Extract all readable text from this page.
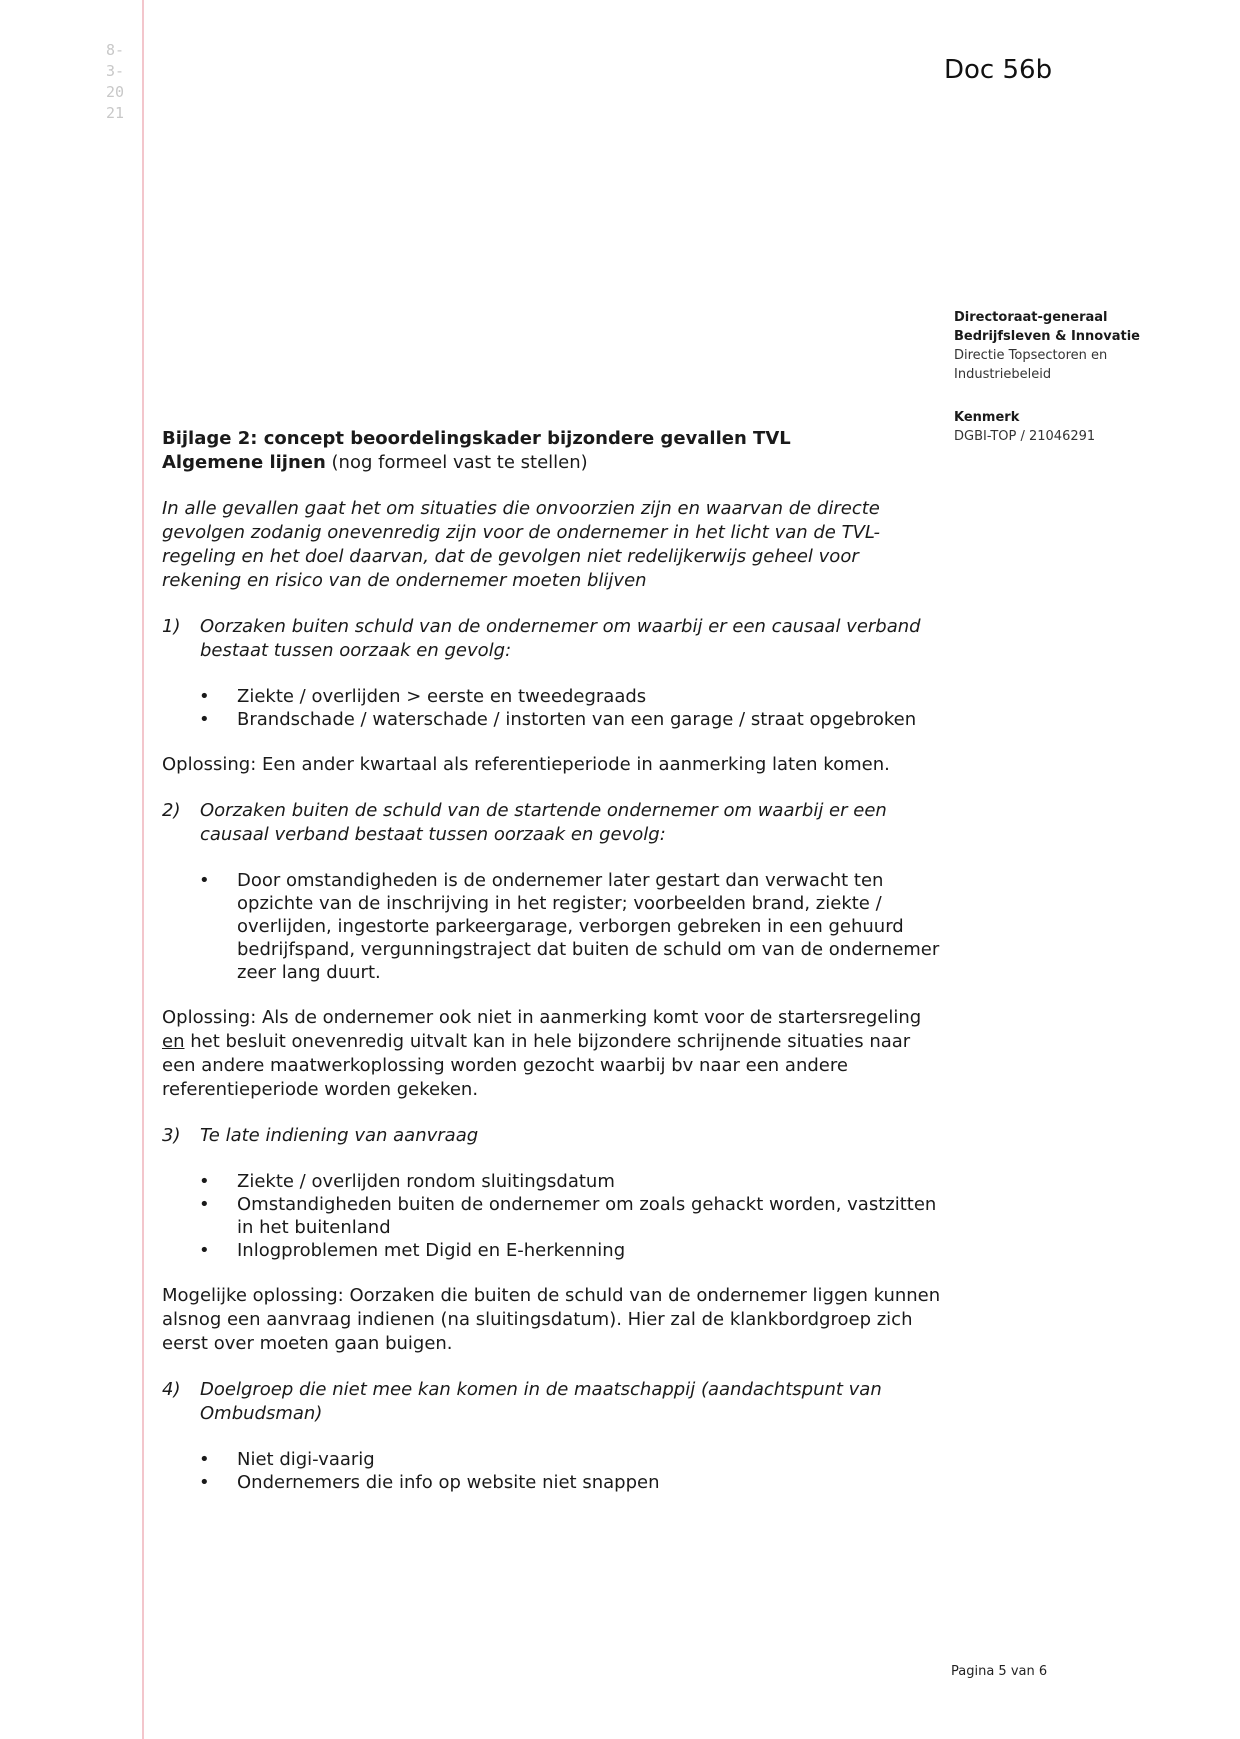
8-3-2021
Doc 56b
Directoraat-generaal
Bedrijfsleven & Innovatie
Directie Topsectoren en
Industriebeleid
Kenmerk
DGBI-TOP / 21046291

Bijlage 2: concept beoordelingskader bijzondere gevallen TVL

Algemene lijnen (nog formeel vast te stellen)

In alle gevallen gaat het om situaties die onvoorzien zijn en waarvan de directe gevolgen zodanig onevenredig zijn voor de ondernemer in het licht van de TVL-regeling en het doel daarvan, dat de gevolgen niet redelijkerwijs geheel voor rekening en risico van de ondernemer moeten blijven

1)	Oorzaken buiten schuld van de ondernemer om waarbij er een causaal verband bestaat tussen oorzaak en gevolg:
• Ziekte / overlijden > eerste en tweedegraads
• Brandschade / waterschade / instorten van een garage / straat opgebroken

Oplossing: Een ander kwartaal als referentieperiode in aanmerking laten komen.

2)	Oorzaken buiten de schuld van de startende ondernemer om waarbij er een causaal verband bestaat tussen oorzaak en gevolg:
• Door omstandigheden is de ondernemer later gestart dan verwacht ten opzichte van de inschrijving in het register; voorbeelden brand, ziekte / overlijden, ingestorte parkeergarage, verborgen gebreken in een gehuurd bedrijfspand, vergunningstraject dat buiten de schuld om van de ondernemer zeer lang duurt.

Oplossing: Als de ondernemer ook niet in aanmerking komt voor de startersregeling en het besluit onevenredig uitvalt kan in hele bijzondere schrijnende situaties naar een andere maatwerkoplossing worden gezocht waarbij bv naar een andere referentieperiode worden gekeken.

3)	Te late indiening van aanvraag
• Ziekte / overlijden rondom sluitingsdatum
• Omstandigheden buiten de ondernemer om zoals gehackt worden, vastzitten in het buitenland
• Inlogproblemen met Digid en E-herkenning

Mogelijke oplossing: Oorzaken die buiten de schuld van de ondernemer liggen kunnen alsnog een aanvraag indienen (na sluitingsdatum). Hier zal de klankbordgroep zich eerst over moeten gaan buigen.

4)	Doelgroep die niet mee kan komen in de maatschappij (aandachtspunt van Ombudsman)
• Niet digi-vaarig
• Ondernemers die info op website niet snappen
Pagina 5 van 6
